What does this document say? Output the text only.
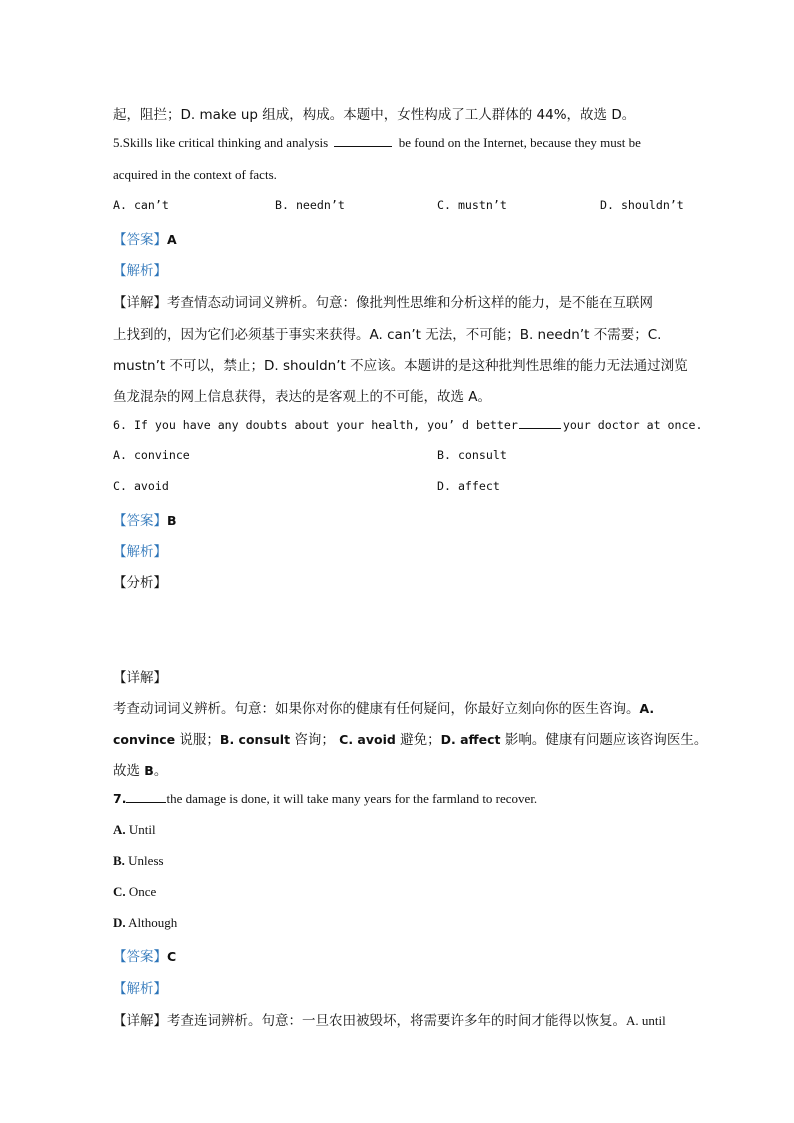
起，阻拦；D. make up 组成，构成。本题中，女性构成了工人群体的 44%，故选 D。
5.Skills like critical thinking and analysis	be found on the Internet, because they must be
acquired in the context of facts.
A. can’t	B. needn’t	C. mustn’t	D. shouldn’t
【答案】A
【解析】
【详解】考查情态动词词义辨析。句意：像批判性思维和分析这样的能力，是不能在互联网
上找到的，因为它们必须基于事实来获得。A. can’t 无法，不可能；B. needn’t 不需要；C.
mustn’t 不可以，禁止；D. shouldn’t 不应该。本题讲的是这种批判性思维的能力无法通过浏览
鱼龙混杂的网上信息获得，表达的是客观上的不可能，故选 A。
6. If you have any doubts about your health, you’ d better	your doctor at once.
A. convince	B. consult
C. avoid	D. affect
【答案】B
【解析】
【分析】
【详解】
考查动词词义辨析。句意：如果你对你的健康有任何疑问，你最好立刻向你的医生咨询。A.
convince 说服；B. consult 咨询； C. avoid 避免；D. affect 影响。健康有问题应该咨询医生。
故选 B。
7.	the damage is done, it will take many years for the farmland to recover.
A. Until
B. Unless
C. Once
D. Although
【答案】C
【解析】
【详解】考查连词辨析。句意：一旦农田被毁坏，将需要许多年的时间才能得以恢复。A. until
